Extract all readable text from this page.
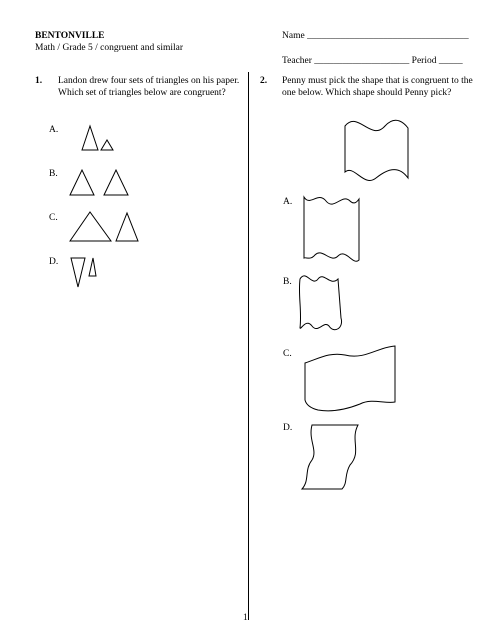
BENTONVILLE
Math / Grade 5 / congruent and similar
Name __________________________________
Teacher ____________________ Period _____
1. Landon drew four sets of triangles on his paper. Which set of triangles below are congruent?
A.
B.
C.
D.
2. Penny must pick the shape that is congruent to the one below. Which shape should Penny pick?
A.
B.
C.
D.
1
